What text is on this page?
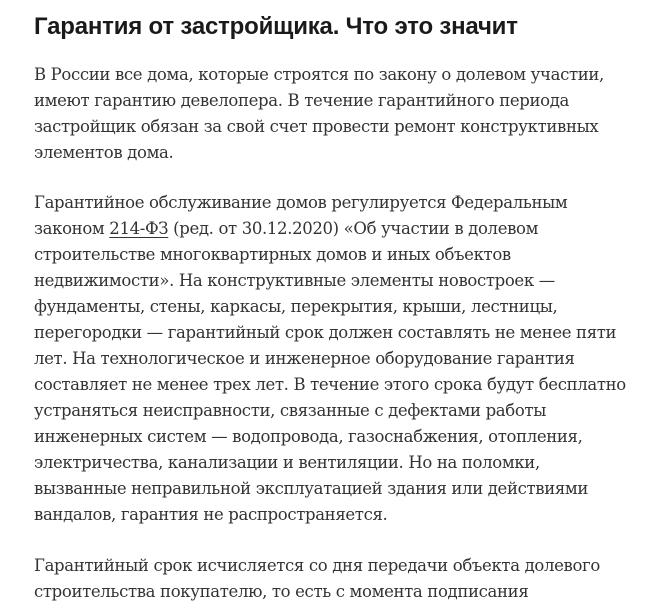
Гарантия от застройщика. Что это значит

В России все дома, которые строятся по закону о долевом участии, имеют гарантию девелопера. В течение гарантийного периода застройщик обязан за свой счет провести ремонт конструктивных элементов дома.

Гарантийное обслуживание домов регулируется Федеральным законом 214-ФЗ (ред. от 30.12.2020) «Об участии в долевом строительстве многоквартирных домов и иных объектов недвижимости». На конструктивные элементы новостроек — фундаменты, стены, каркасы, перекрытия, крыши, лестницы, перегородки — гарантийный срок должен составлять не менее пяти лет. На технологическое и инженерное оборудование гарантия составляет не менее трех лет. В течение этого срока будут бесплатно устраняться неисправности, связанные с дефектами работы инженерных систем — водопровода, газоснабжения, отопления, электричества, канализации и вентиляции. Но на поломки, вызванные неправильной эксплуатацией здания или действиями вандалов, гарантия не распространяется.

Гарантийный срок исчисляется со дня передачи объекта долевого строительства покупателю, то есть с момента подписания
